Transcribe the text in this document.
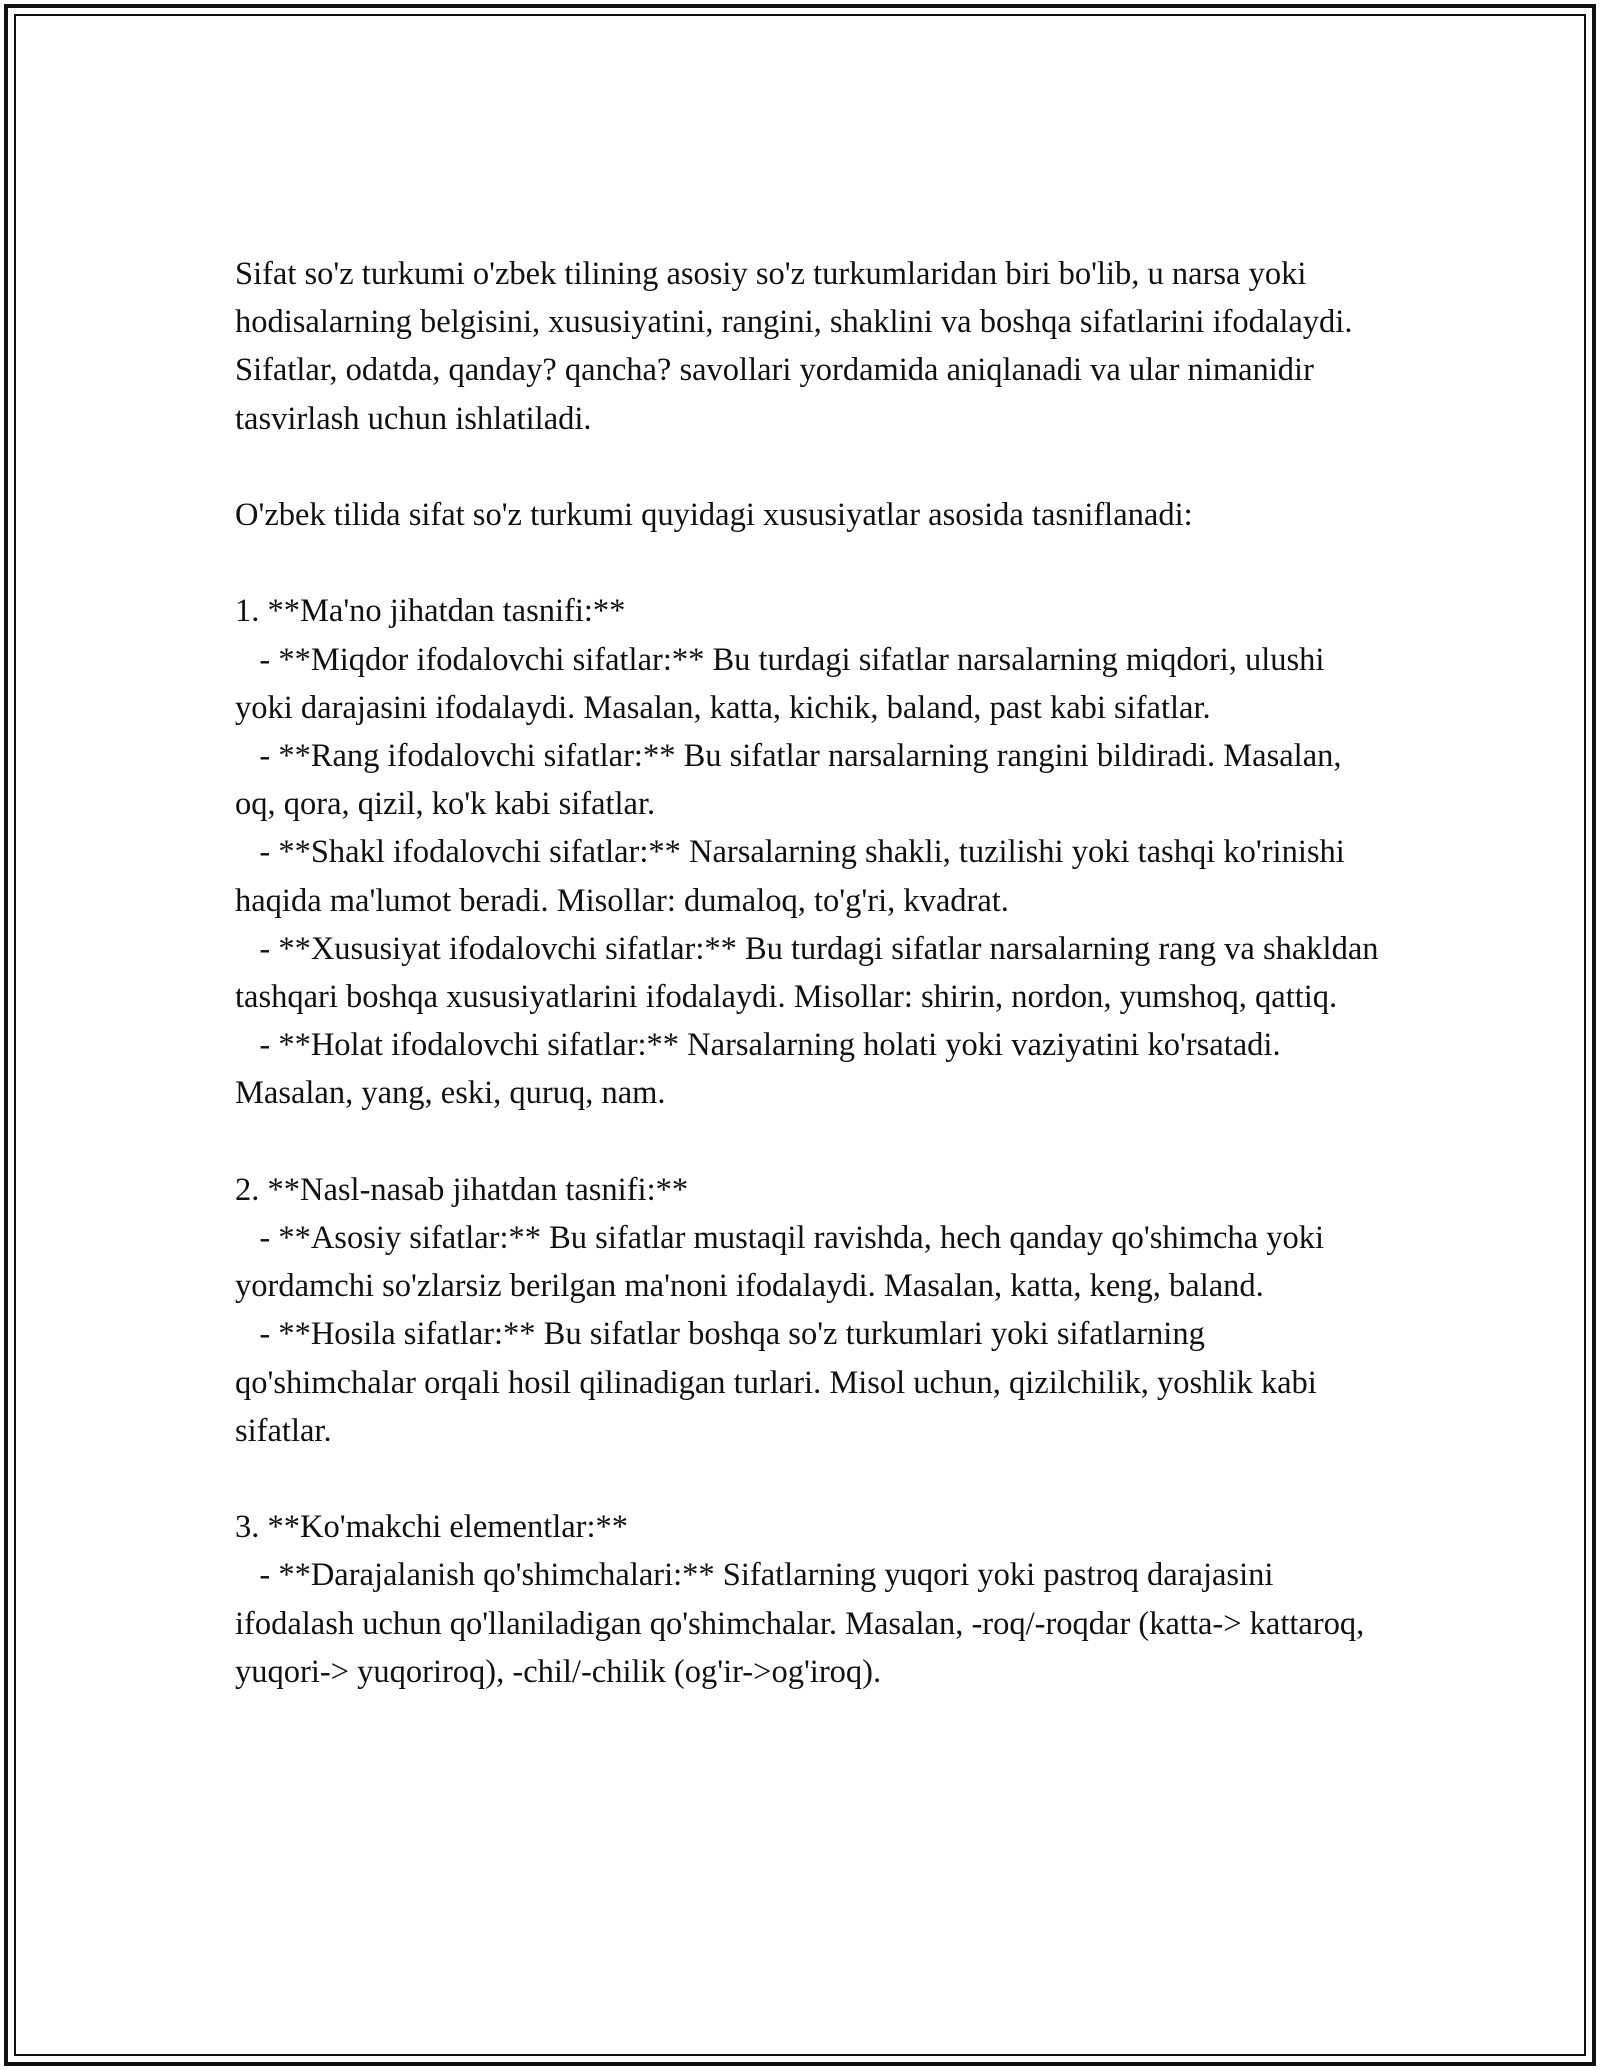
Sifat so'z turkumi o'zbek tilining asosiy so'z turkumlaridan biri bo'lib, u narsa yoki hodisalarning belgisini, xususiyatini, rangini, shaklini va boshqa sifatlarini ifodalaydi. Sifatlar, odatda, qanday? qancha? savollari yordamida aniqlanadi va ular nimanidir tasvirlash uchun ishlatiladi.

O'zbek tilida sifat so'z turkumi quyidagi xususiyatlar asosida tasniflanadi:

1. **Ma'no jihatdan tasnifi:**

- **Miqdor ifodalovchi sifatlar:** Bu turdagi sifatlar narsalarning miqdori, ulushi yoki darajasini ifodalaydi. Masalan, katta, kichik, baland, past kabi sifatlar.

- **Rang ifodalovchi sifatlar:** Bu sifatlar narsalarning rangini bildiradi. Masalan, oq, qora, qizil, ko'k kabi sifatlar.

- **Shakl ifodalovchi sifatlar:** Narsalarning shakli, tuzilishi yoki tashqi ko'rinishi haqida ma'lumot beradi. Misollar: dumaloq, to'g'ri, kvadrat.

- **Xususiyat ifodalovchi sifatlar:** Bu turdagi sifatlar narsalarning rang va shakldan tashqari boshqa xususiyatlarini ifodalaydi. Misollar: shirin, nordon, yumshoq, qattiq.

- **Holat ifodalovchi sifatlar:** Narsalarning holati yoki vaziyatini ko'rsatadi. Masalan, yang, eski, quruq, nam.

2. **Nasl-nasab jihatdan tasnifi:**

- **Asosiy sifatlar:** Bu sifatlar mustaqil ravishda, hech qanday qo'shimcha yoki yordamchi so'zlarsiz berilgan ma'noni ifodalaydi. Masalan, katta, keng, baland.

- **Hosila sifatlar:** Bu sifatlar boshqa so'z turkumlari yoki sifatlarning qo'shimchalar orqali hosil qilinadigan turlari. Misol uchun, qizilchilik, yoshlik kabi sifatlar.

3. **Ko'makchi elementlar:**

- **Darajalanish qo'shimchalari:** Sifatlarning yuqori yoki pastroq darajasini ifodalash uchun qo'llaniladigan qo'shimchalar. Masalan, -roq/-roqdar (katta-> kattaroq, yuqori-> yuqoriroq), -chil/-chilik (og'ir->og'iroq).
